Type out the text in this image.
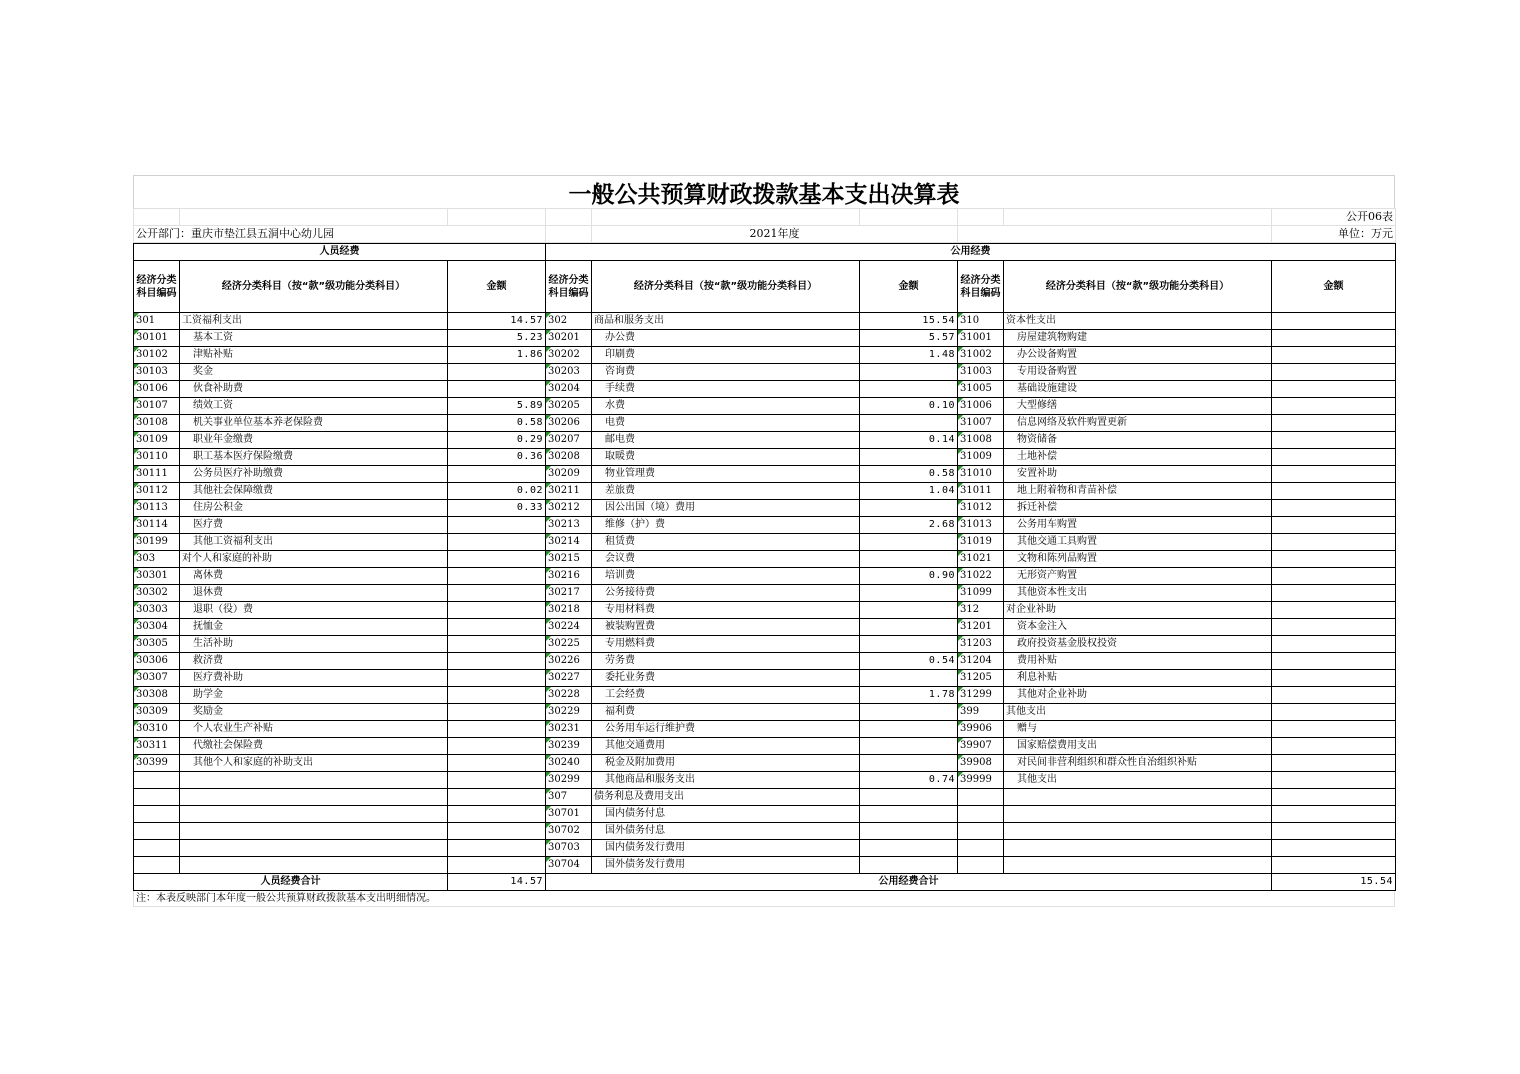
一般公共预算财政拨款基本支出决算表
								公开06表
公开部门：重庆市垫江县五洞中心幼儿园				2021年度				单位：万元
人员经费			公用经费					
经济分类科目编码	经济分类科目（按“款”级功能分类科目）	金额	经济分类科目编码	经济分类科目（按“款”级功能分类科目）	金额	经济分类科目编码	经济分类科目（按“款”级功能分类科目）	金额
301	工资福利支出	14.57	302	商品和服务支出	15.54	310	资本性支出	
30101	基本工资	5.23	30201	办公费	5.57	31001	房屋建筑物购建	
30102	津贴补贴	1.86	30202	印刷费	1.48	31002	办公设备购置	
30103	奖金		30203	咨询费		31003	专用设备购置	
30106	伙食补助费		30204	手续费		31005	基础设施建设	
30107	绩效工资	5.89	30205	水费	0.10	31006	大型修缮	
30108	机关事业单位基本养老保险费	0.58	30206	电费		31007	信息网络及软件购置更新	
30109	职业年金缴费	0.29	30207	邮电费	0.14	31008	物资储备	
30110	职工基本医疗保险缴费	0.36	30208	取暖费		31009	土地补偿	
30111	公务员医疗补助缴费		30209	物业管理费	0.58	31010	安置补助	
30112	其他社会保障缴费	0.02	30211	差旅费	1.04	31011	地上附着物和青苗补偿	
30113	住房公积金	0.33	30212	因公出国（境）费用		31012	拆迁补偿	
30114	医疗费		30213	维修（护）费	2.68	31013	公务用车购置	
30199	其他工资福利支出		30214	租赁费		31019	其他交通工具购置	
303	对个人和家庭的补助		30215	会议费		31021	文物和陈列品购置	
30301	离休费		30216	培训费	0.90	31022	无形资产购置	
30302	退休费		30217	公务接待费		31099	其他资本性支出	
30303	退职（役）费		30218	专用材料费		312	对企业补助	
30304	抚恤金		30224	被装购置费		31201	资本金注入	
30305	生活补助		30225	专用燃料费		31203	政府投资基金股权投资	
30306	救济费		30226	劳务费	0.54	31204	费用补贴	
30307	医疗费补助		30227	委托业务费		31205	利息补贴	
30308	助学金		30228	工会经费	1.78	31299	其他对企业补助	
30309	奖励金		30229	福利费		399	其他支出	
30310	个人农业生产补贴		30231	公务用车运行维护费		39906	赠与	
30311	代缴社会保险费		30239	其他交通费用		39907	国家赔偿费用支出	
30399	其他个人和家庭的补助支出		30240	税金及附加费用		39908	对民间非营利组织和群众性自治组织补贴	
			30299	其他商品和服务支出	0.74	39999	其他支出	
			307	债务利息及费用支出				
			30701	国内债务付息				
			30702	国外债务付息				
			30703	国内债务发行费用				
			30704	国外债务发行费用				
人员经费合计		14.57	公用经费合计					15.54
注：本表反映部门本年度一般公共预算财政拨款基本支出明细情况。
